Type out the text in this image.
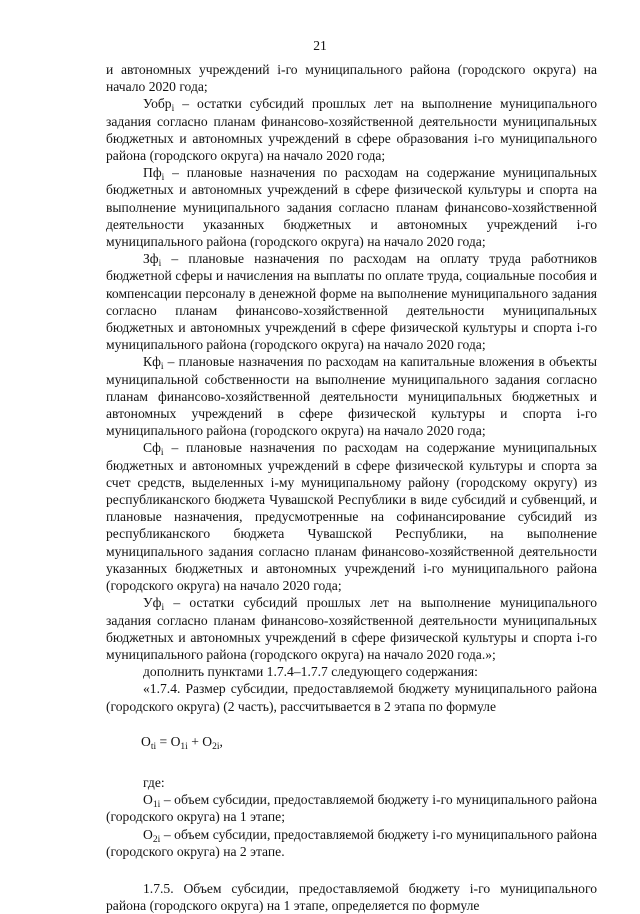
21

и автономных учреждений i-го муниципального района (городского округа) на начало 2020 года;

Уобр$_i$ – остатки субсидий прошлых лет на выполнение муниципального задания согласно планам финансово-хозяйственной деятельности муниципальных бюджетных и автономных учреждений в сфере образования i-го муниципального района (городского округа) на начало 2020 года;

$Пф_i$ – плановые назначения по расходам на содержание муниципальных бюджетных и автономных учреждений в сфере физической культуры и спорта на выполнение муниципального задания согласно планам финансово-хозяйственной деятельности указанных бюджетных и автономных учреждений i-го муниципального района (городского округа) на начало 2020 года;

$Зф_i$ – плановые назначения по расходам на оплату труда работников бюджетной сферы и начисления на выплаты по оплате труда, социальные пособия и компенсации персоналу в денежной форме на выполнение муниципального задания согласно планам финансово-хозяйственной деятельности муниципальных бюджетных и автономных учреждений в сфере физической культуры и спорта i-го муниципального района (городского округа) на начало 2020 года;

$Кф_i$ – плановые назначения по расходам на капитальные вложения в объекты муниципальной собственности на выполнение муниципального задания согласно планам финансово-хозяйственной деятельности муниципальных бюджетных и автономных учреждений в сфере физической культуры и спорта i-го муниципального района (городского округа) на начало 2020 года;

$Сф_i$ – плановые назначения по расходам на содержание муниципальных бюджетных и автономных учреждений в сфере физической культуры и спорта за счет средств, выделенных i-му муниципальному району (городскому округу) из республиканского бюджета Чувашской Республики в виде субсидий и субвенций, и плановые назначения, предусмотренные на софинансирование субсидий из республиканского бюджета Чувашской Республики, на выполнение муниципального задания согласно планам финансово-хозяйственной деятельности указанных бюджетных и автономных учреждений i-го муниципального района (городского округа) на начало 2020 года;

$Уф_i$ – остатки субсидий прошлых лет на выполнение муниципального задания согласно планам финансово-хозяйственной деятельности муниципальных бюджетных и автономных учреждений в сфере физической культуры и спорта i-го муниципального района (городского округа) на начало 2020 года.»;

дополнить пунктами 1.7.4–1.7.7 следующего содержания:

«1.7.4. Размер субсидии, предоставляемой бюджету муниципального района (городского округа) (2 часть), рассчитывается в 2 этапа по формуле

$О_{ti} = О_{1i} + О_{2i}$,

где:

$О_{1i}$ – объем субсидии, предоставляемой бюджету i-го муниципального района (городского округа) на 1 этапе;

$О_{2i}$ – объем субсидии, предоставляемой бюджету i-го муниципального района (городского округа) на 2 этапе.

1.7.5. Объем субсидии, предоставляемой бюджету i-го муниципального района (городского округа) на 1 этапе, определяется по формуле
